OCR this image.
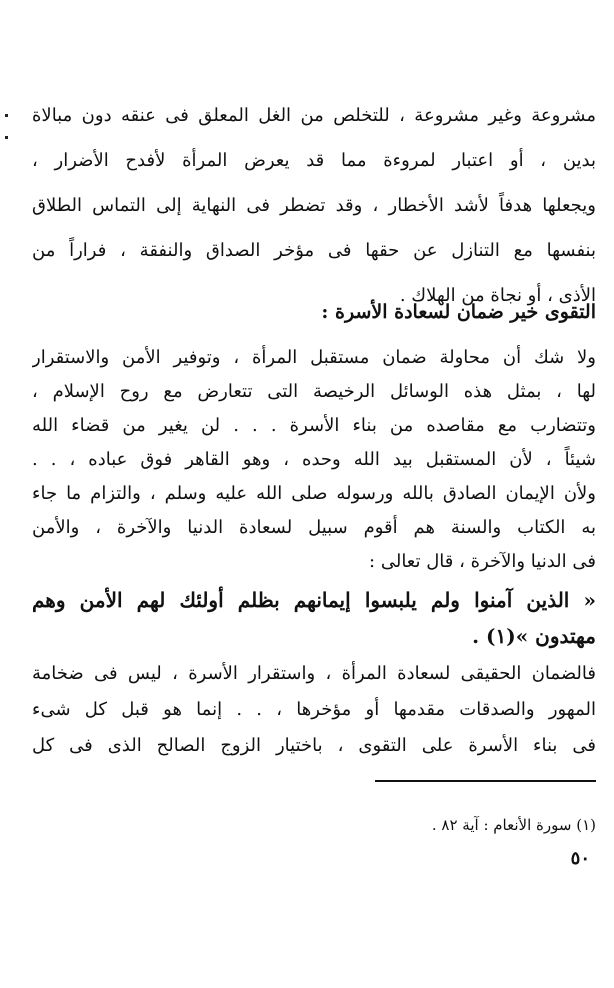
مشروعة وغير مشروعة ، للتخلص من الغل المعلق فى عنقه دون مبالاة
بدين ، أو اعتبار لمروءة مما قد يعرض المرأة لأفدح الأضرار ،
ويجعلها هدفاً لأشد الأخطار ، وقد تضطر فى النهاية إلى التماس الطلاق
بنفسها مع التنازل عن حقها فى مؤخر الصداق والنفقة ، فراراً من
الأذى ، أو نجاة من الهلاك .
التقوى خير ضمان لسعادة الأسرة :
ولا شك أن محاولة ضمان مستقبل المرأة ، وتوفير الأمن والاستقرار
لها ، بمثل هذه الوسائل الرخيصة التى تتعارض مع روح الإسلام ،
وتتضارب مع مقاصده من بناء الأسرة . . . لن يغير من قضاء الله
شيئاً ، لأن المستقبل بيد الله وحده ، وهو القاهر فوق عباده ، . .
ولأن الإيمان الصادق بالله ورسوله صلى الله عليه وسلم ، والتزام ما جاء
به الكتاب والسنة هم أقوم سبيل لسعادة الدنيا والآخرة ، والأمن
فى الدنيا والآخرة ، قال تعالى :
« الذين آمنوا ولم يلبسوا إيمانهم بظلم أولئك لهم الأمن وهم
مهتدون »(١) .
فالضمان الحقيقى لسعادة المرأة ، واستقرار الأسرة ، ليس فى ضخامة
المهور والصدقات مقدمها أو مؤخرها ، . . إنما هو قبل كل شىء
فى بناء الأسرة على التقوى ، باختيار الزوج الصالح الذى فى كل
(١) سورة الأنعام : آية ٨٢ .
٥٠
